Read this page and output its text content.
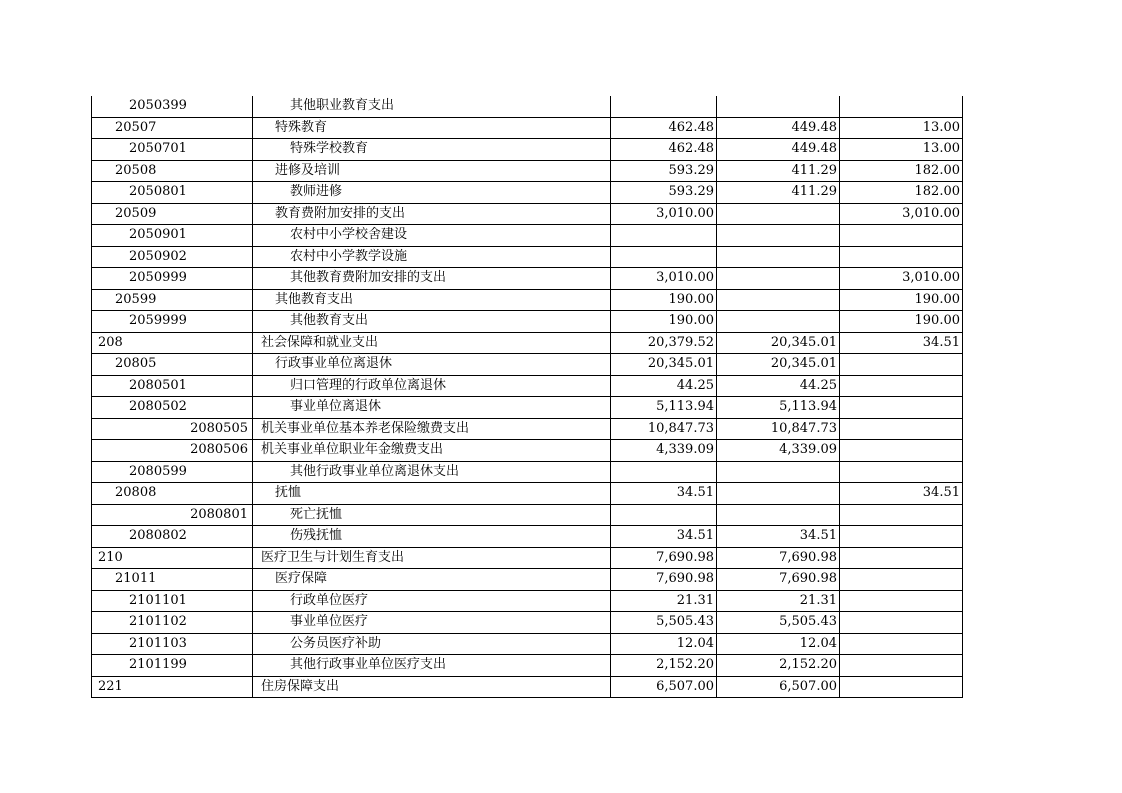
2050399	其他职业教育支出			
20507	特殊教育	462.48	449.48	13.00
2050701	特殊学校教育	462.48	449.48	13.00
20508	进修及培训	593.29	411.29	182.00
2050801	教师进修	593.29	411.29	182.00
20509	教育费附加安排的支出	3,010.00		3,010.00
2050901	农村中小学校舍建设			
2050902	农村中小学教学设施			
2050999	其他教育费附加安排的支出	3,010.00		3,010.00
20599	其他教育支出	190.00		190.00
2059999	其他教育支出	190.00		190.00
208	社会保障和就业支出	20,379.52	20,345.01	34.51
20805	行政事业单位离退休	20,345.01	20,345.01	
2080501	归口管理的行政单位离退休	44.25	44.25	
2080502	事业单位离退休	5,113.94	5,113.94	
2080505	机关事业单位基本养老保险缴费支出	10,847.73	10,847.73	
2080506	机关事业单位职业年金缴费支出	4,339.09	4,339.09	
2080599	其他行政事业单位离退休支出			
20808	抚恤	34.51		34.51
2080801	死亡抚恤			
2080802	伤残抚恤	34.51	34.51	
210	医疗卫生与计划生育支出	7,690.98	7,690.98	
21011	医疗保障	7,690.98	7,690.98	
2101101	行政单位医疗	21.31	21.31	
2101102	事业单位医疗	5,505.43	5,505.43	
2101103	公务员医疗补助	12.04	12.04	
2101199	其他行政事业单位医疗支出	2,152.20	2,152.20	
221	住房保障支出	6,507.00	6,507.00	
